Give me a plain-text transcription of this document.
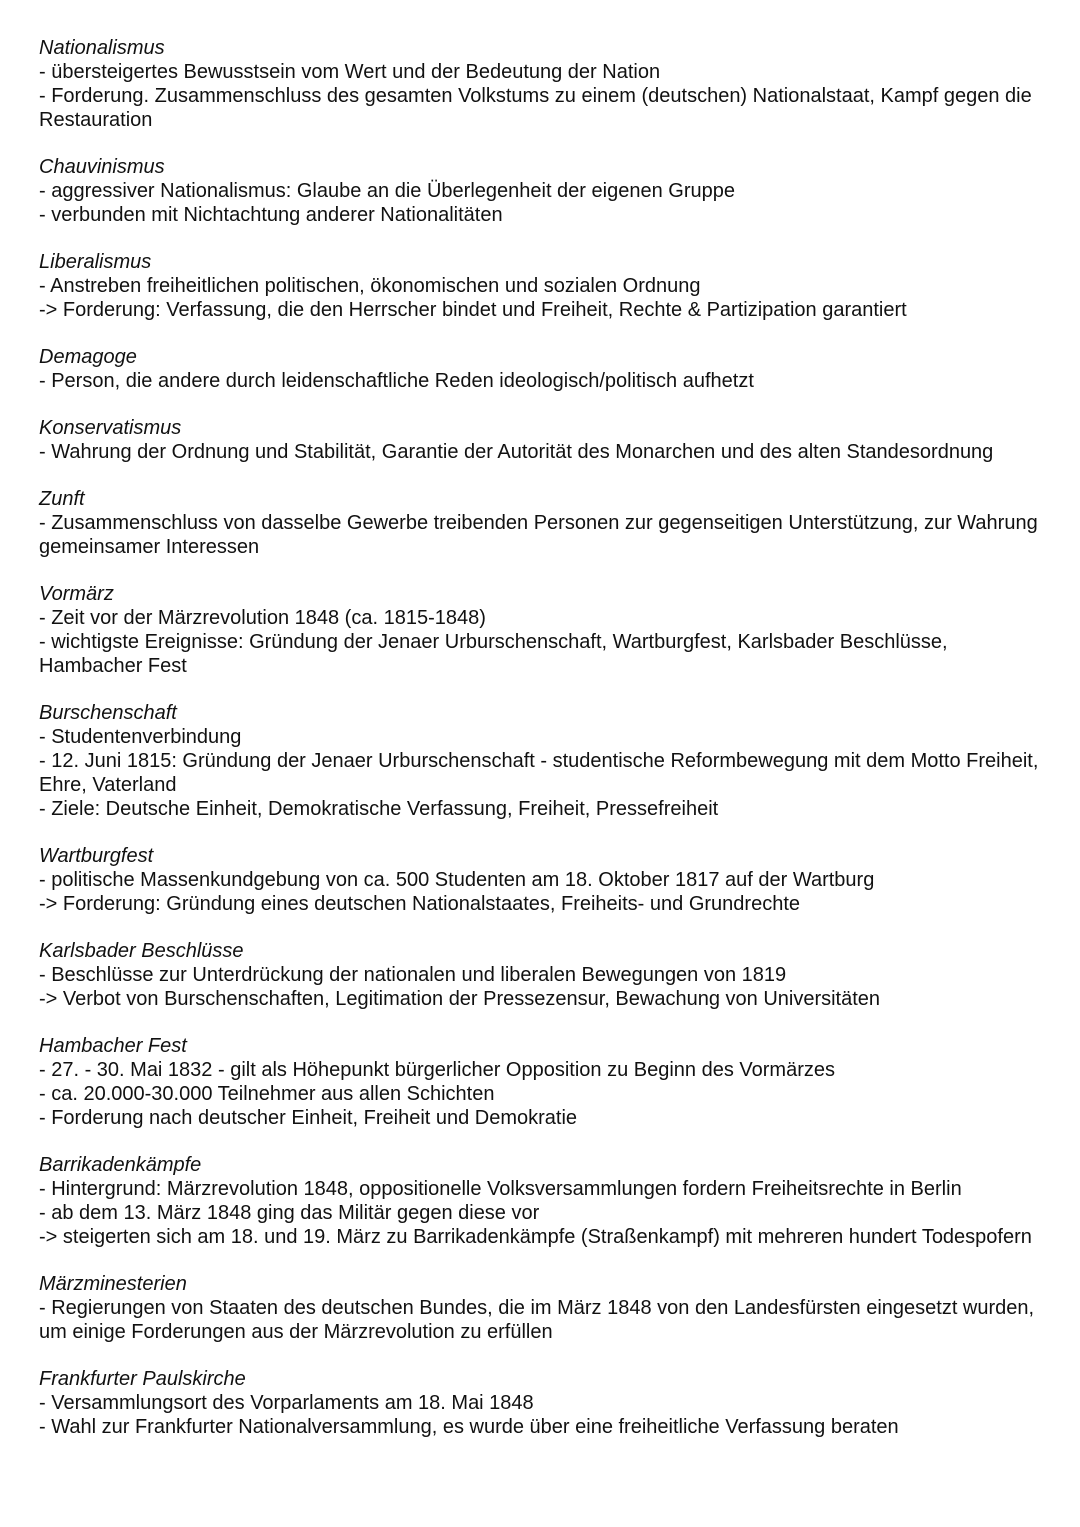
Nationalismus

- übersteigertes Bewusstsein vom Wert und der Bedeutung der Nation

- Forderung. Zusammenschluss des gesamten Volkstums zu einem (deutschen) Nationalstaat, Kampf gegen die Restauration

Chauvinismus

- aggressiver Nationalismus: Glaube an die Überlegenheit der eigenen Gruppe

- verbunden mit Nichtachtung anderer Nationalitäten

Liberalismus

- Anstreben freiheitlichen politischen, ökonomischen und sozialen Ordnung

-> Forderung: Verfassung, die den Herrscher bindet und Freiheit, Rechte & Partizipation garantiert

Demagoge

- Person, die andere durch leidenschaftliche Reden ideologisch/politisch aufhetzt

Konservatismus

- Wahrung der Ordnung und Stabilität, Garantie der Autorität des Monarchen und des alten Standesordnung

Zunft

- Zusammenschluss von dasselbe Gewerbe treibenden Personen zur gegenseitigen Unterstützung, zur Wahrung gemeinsamer Interessen

Vormärz

- Zeit vor der Märzrevolution 1848 (ca. 1815-1848)

- wichtigste Ereignisse: Gründung der Jenaer Urburschenschaft, Wartburgfest, Karlsbader Beschlüsse, Hambacher Fest

Burschenschaft

- Studentenverbindung

- 12. Juni 1815: Gründung der Jenaer Urburschenschaft - studentische Reformbewegung mit dem Motto Freiheit, Ehre, Vaterland

- Ziele: Deutsche Einheit, Demokratische Verfassung, Freiheit, Pressefreiheit

Wartburgfest

- politische Massenkundgebung von ca. 500 Studenten am 18. Oktober 1817 auf der Wartburg

-> Forderung: Gründung eines deutschen Nationalstaates, Freiheits- und Grundrechte

Karlsbader Beschlüsse

- Beschlüsse zur Unterdrückung der nationalen und liberalen Bewegungen von 1819

-> Verbot von Burschenschaften, Legitimation der Pressezensur, Bewachung von Universitäten

Hambacher Fest

- 27. - 30. Mai 1832 - gilt als Höhepunkt bürgerlicher Opposition zu Beginn des Vormärzes

- ca. 20.000-30.000 Teilnehmer aus allen Schichten

- Forderung nach deutscher Einheit, Freiheit und Demokratie

Barrikadenkämpfe

- Hintergrund: Märzrevolution 1848, oppositionelle Volksversammlungen fordern Freiheitsrechte in Berlin

- ab dem 13. März 1848 ging das Militär gegen diese vor

-> steigerten sich am 18. und 19. März zu Barrikadenkämpfe (Straßenkampf) mit mehreren hundert Todespofern

Märzminesterien

- Regierungen von Staaten des deutschen Bundes, die im März 1848 von den Landesfürsten eingesetzt wurden, um einige Forderungen aus der Märzrevolution zu erfüllen

Frankfurter Paulskirche

- Versammlungsort des Vorparlaments am 18. Mai 1848

- Wahl zur Frankfurter Nationalversammlung, es wurde über eine freiheitliche Verfassung beraten
